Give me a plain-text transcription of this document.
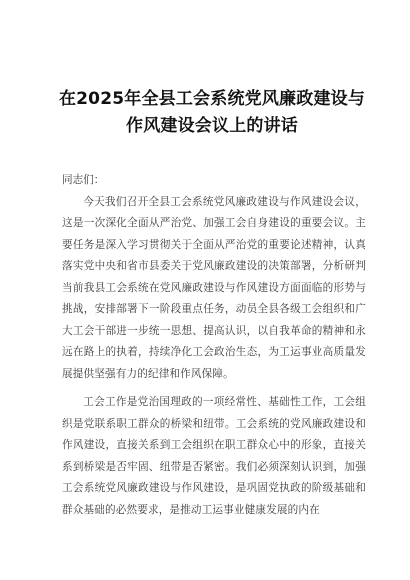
在2025年全县工会系统党风廉政建设与
作风建设会议上的讲话
同志们：

今天我们召开全县工会系统党风廉政建设与作风建设会议，这是一次深化全面从严治党、加强工会自身建设的重要会议。主要任务是深入学习贯彻关于全面从严治党的重要论述精神，认真落实党中央和省市县委关于党风廉政建设的决策部署，分析研判当前我县工会系统在党风廉政建设与作风建设方面面临的形势与挑战，安排部署下一阶段重点任务，动员全县各级工会组织和广大工会干部进一步统一思想、提高认识，以自我革命的精神和永远在路上的执着，持续净化工会政治生态，为工运事业高质量发展提供坚强有力的纪律和作风保障。

工会工作是党治国理政的一项经常性、基础性工作，工会组织是党联系职工群众的桥梁和纽带。工会系统的党风廉政建设和作风建设，直接关系到工会组织在职工群众心中的形象，直接关系到桥梁是否牢固、纽带是否紧密。我们必须深刻认识到，加强工会系统党风廉政建设与作风建设，是巩固党执政的阶级基础和群众基础的必然要求，是推动工运事业健康发展的内在
